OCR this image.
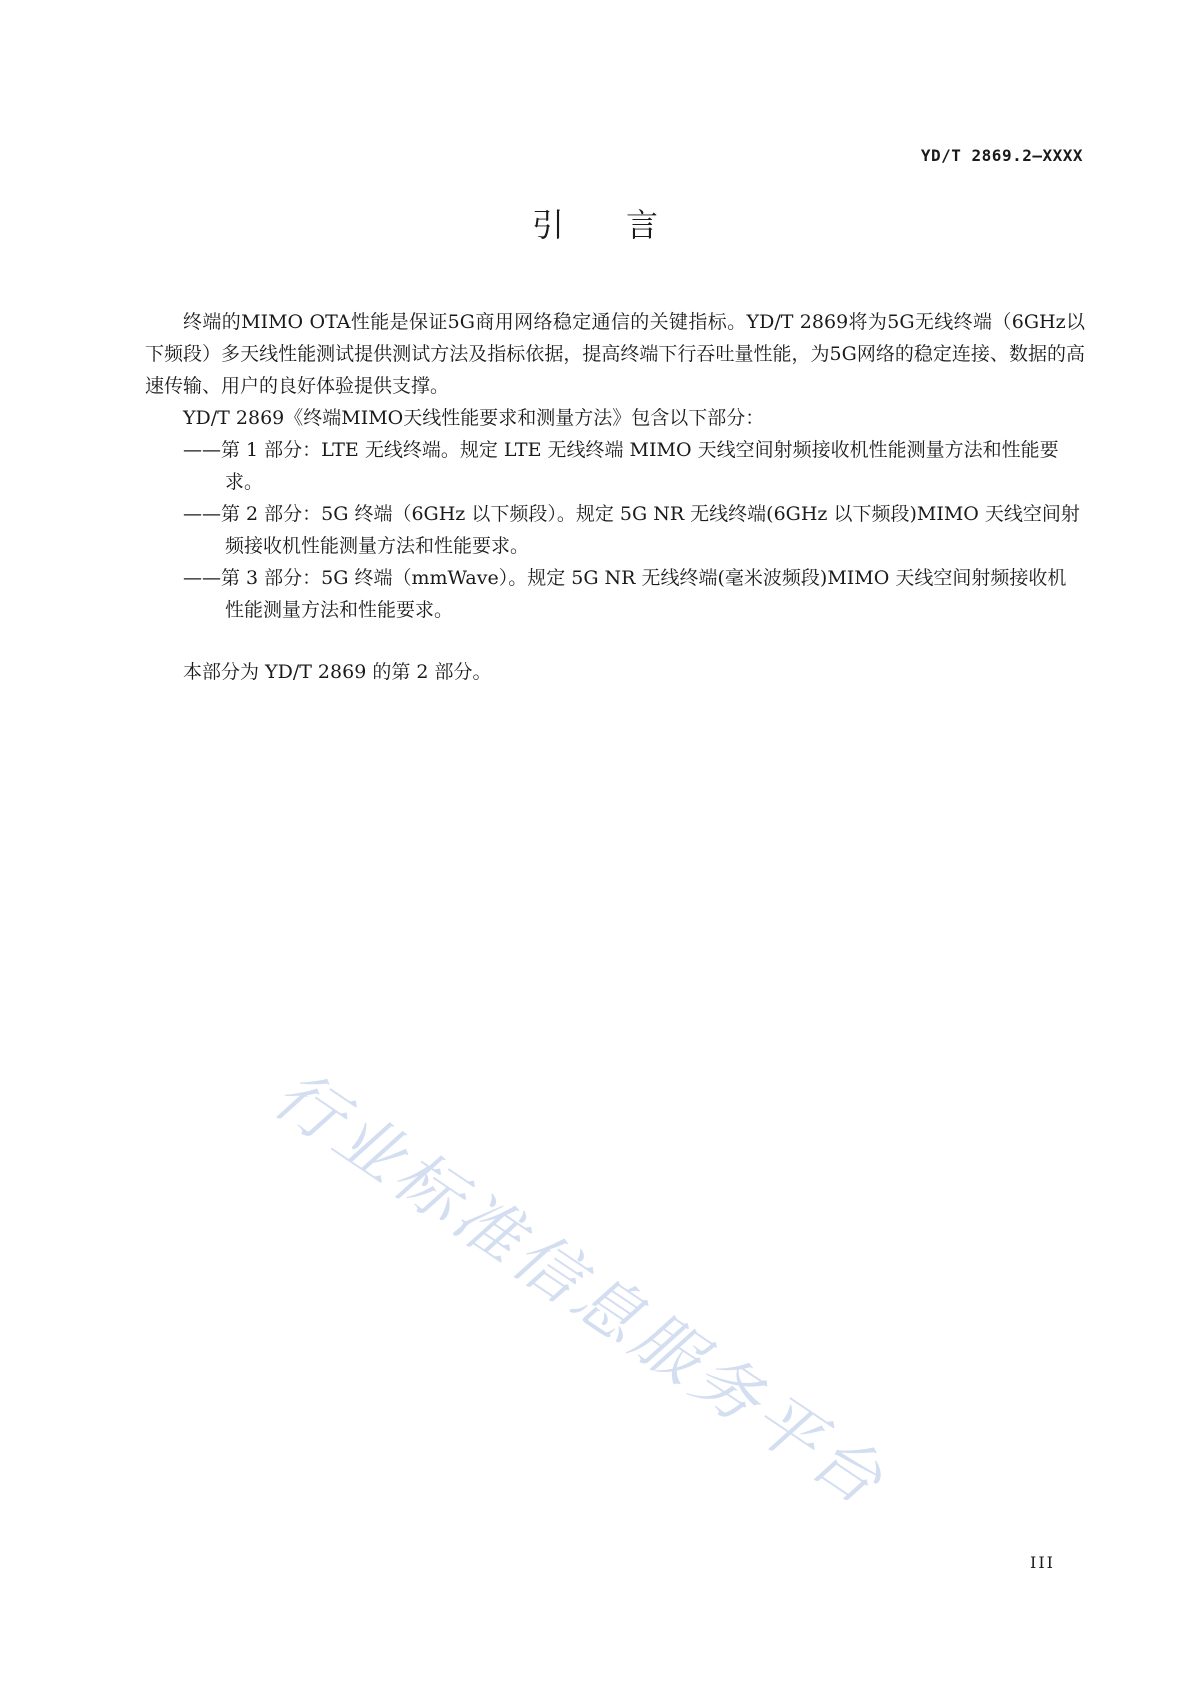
YD/T 2869.2—XXXX
引言

终端的MIMO OTA性能是保证5G商用网络稳定通信的关键指标。YD/T 2869将为5G无线终端（6GHz以下频段）多天线性能测试提供测试方法及指标依据，提高终端下行吞吐量性能，为5G网络的稳定连接、数据的高速传输、用户的良好体验提供支撑。

YD/T 2869《终端MIMO天线性能要求和测量方法》包含以下部分：

——第 1 部分：LTE 无线终端。规定 LTE 无线终端 MIMO 天线空间射频接收机性能测量方法和性能要求。

——第 2 部分：5G 终端（6GHz 以下频段）。规定 5G NR 无线终端(6GHz 以下频段)MIMO 天线空间射频接收机性能测量方法和性能要求。

——第 3 部分：5G 终端（mmWave）。规定 5G NR 无线终端(毫米波频段)MIMO 天线空间射频接收机性能测量方法和性能要求。

本部分为 YD/T 2869 的第 2 部分。

行业标准信息服务平台
III
